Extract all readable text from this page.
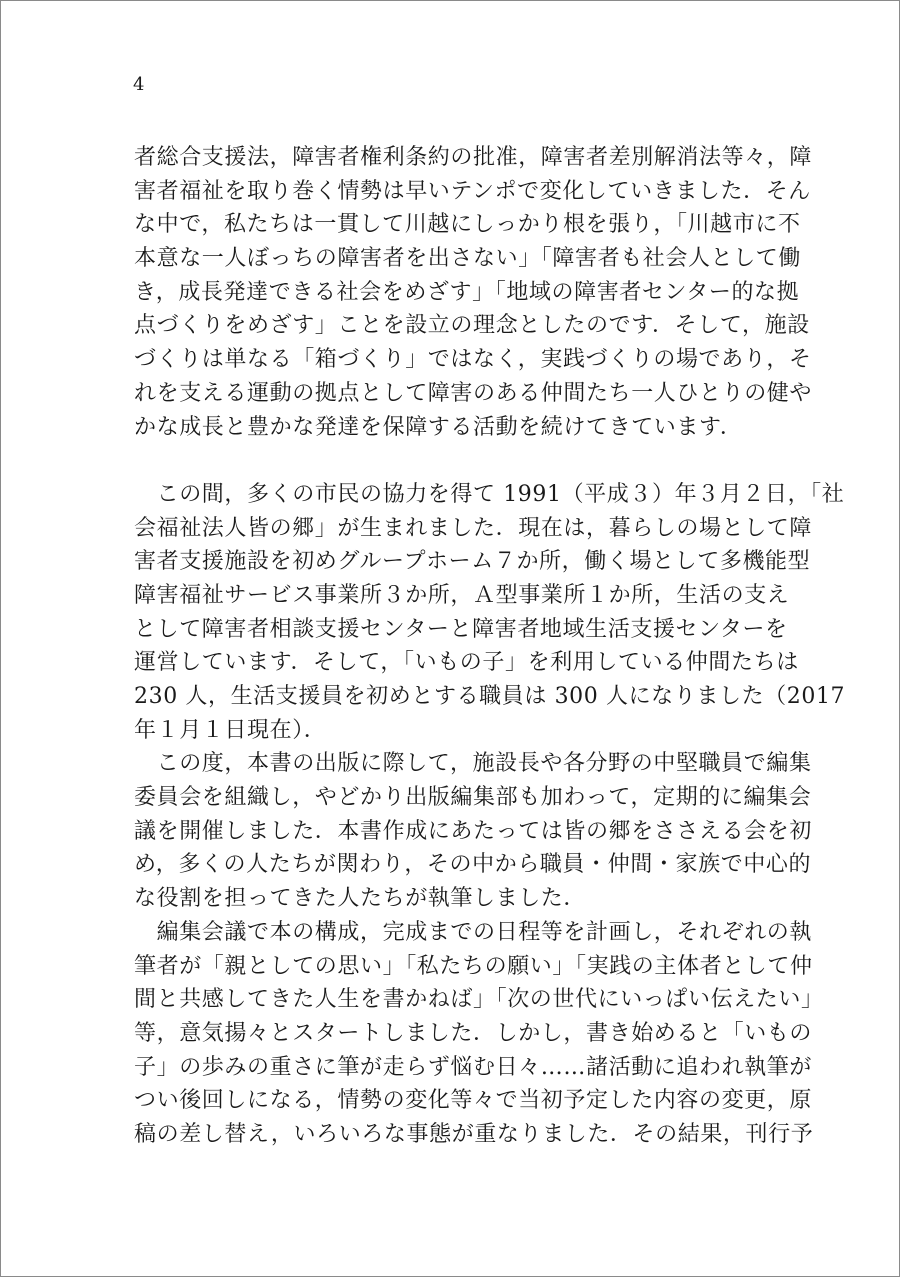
4
者総合支援法，障害者権利条約の批准，障害者差別解消法等々，障
害者福祉を取り巻く情勢は早いテンポで変化していきました．そん
な中で，私たちは一貫して川越にしっかり根を張り，「川越市に不
本意な一人ぼっちの障害者を出さない」「障害者も社会人として働
き，成長発達できる社会をめざす」「地域の障害者センター的な拠
点づくりをめざす」ことを設立の理念としたのです．そして，施設
づくりは単なる「箱づくり」ではなく，実践づくりの場であり，そ
れを支える運動の拠点として障害のある仲間たち一人ひとりの健や
かな成長と豊かな発達を保障する活動を続けてきています．
　この間，多くの市民の協力を得て 1991（平成３）年３月２日，「社
会福祉法人皆の郷」が生まれました．現在は，暮らしの場として障
害者支援施設を初めグループホーム７か所，働く場として多機能型
障害福祉サービス事業所３か所，Ａ型事業所１か所，生活の支え
として障害者相談支援センターと障害者地域生活支援センターを
運営しています．そして，「いもの子」を利用している仲間たちは
230 人，生活支援員を初めとする職員は 300 人になりました（2017
年１月１日現在）．
　この度，本書の出版に際して，施設長や各分野の中堅職員で編集
委員会を組織し，やどかり出版編集部も加わって，定期的に編集会
議を開催しました．本書作成にあたっては皆の郷をささえる会を初
め，多くの人たちが関わり，その中から職員・仲間・家族で中心的
な役割を担ってきた人たちが執筆しました．
　編集会議で本の構成，完成までの日程等を計画し，それぞれの執
筆者が「親としての思い」「私たちの願い」「実践の主体者として仲
間と共感してきた人生を書かねば」「次の世代にいっぱい伝えたい」
等，意気揚々とスタートしました．しかし，書き始めると「いもの
子」の歩みの重さに筆が走らず悩む日々……諸活動に追われ執筆が
つい後回しになる，情勢の変化等々で当初予定した内容の変更，原
稿の差し替え，いろいろな事態が重なりました．その結果，刊行予
